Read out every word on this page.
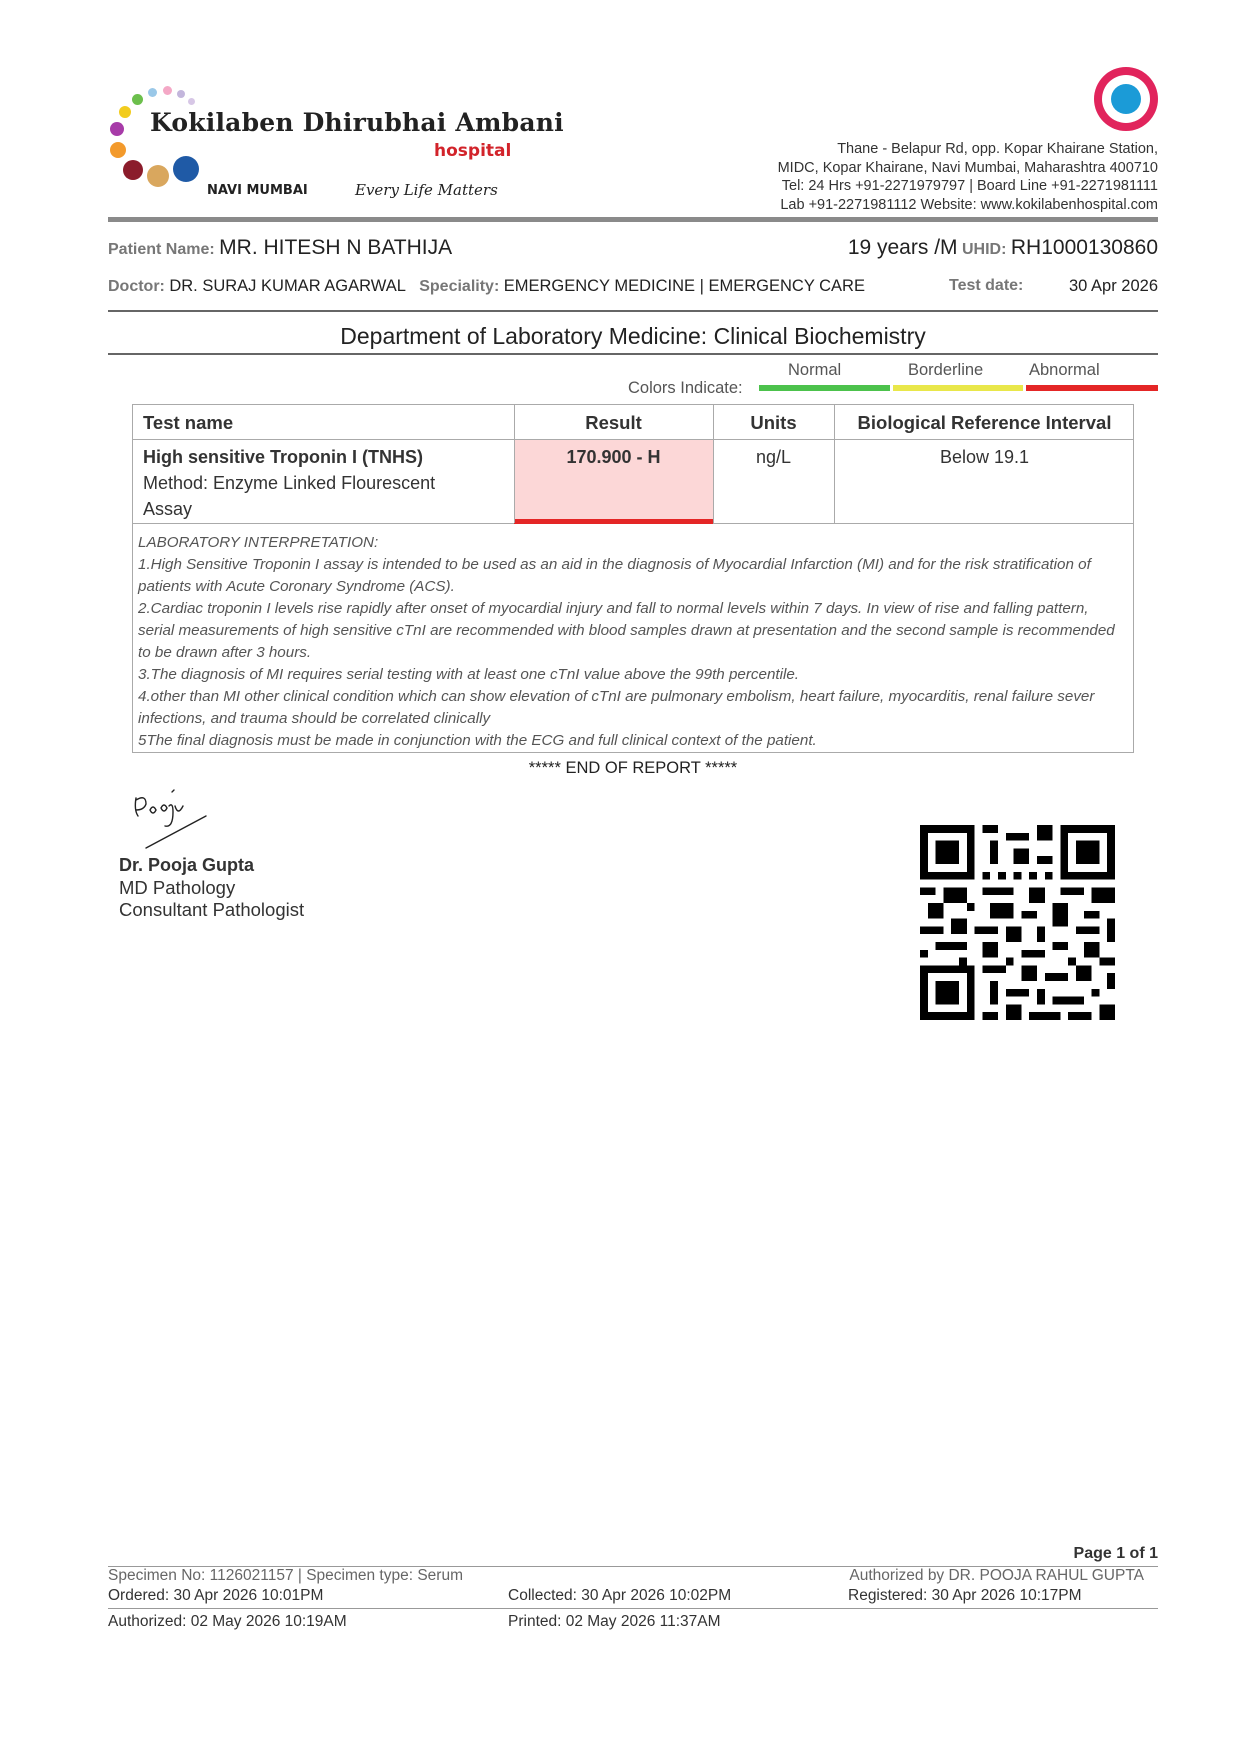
Kokilaben Dhirubhai Ambani
hospital
NAVI MUMBAI	Every Life Matters
Thane - Belapur Rd, opp. Kopar Khairane Station,
MIDC, Kopar Khairane, Navi Mumbai, Maharashtra 400710
Tel: 24 Hrs +91-2271979797 | Board Line +91-2271981111
Lab +91-2271981112 Website: www.kokilabenhospital.com
Patient Name: MR. HITESH N BATHIJA	19 years /M UHID: RH1000130860
Doctor: DR. SURAJ KUMAR AGARWAL Speciality: EMERGENCY MEDICINE | EMERGENCY CARE	Test date:	30 Apr 2026
Department of Laboratory Medicine: Clinical Biochemistry
Normal	Borderline	Abnormal
Colors Indicate:
Test name	Result	Units	Biological Reference Interval
High sensitive Troponin I (TNHS)
Method: Enzyme Linked Flourescent
Assay
170.900 - H	ng/L	Below 19.1

LABORATORY INTERPRETATION:

1.High Sensitive Troponin I assay is intended to be used as an aid in the diagnosis of Myocardial Infarction (MI) and for the risk stratification of patients with Acute Coronary Syndrome (ACS).

2.Cardiac troponin I levels rise rapidly after onset of myocardial injury and fall to normal levels within 7 days. In view of rise and falling pattern, serial measurements of high sensitive cTnI are recommended with blood samples drawn at presentation and the second sample is recommended to be drawn after 3 hours.

3.The diagnosis of MI requires serial testing with at least one cTnI value above the 99th percentile.

4.other than MI other clinical condition which can show elevation of cTnI are pulmonary embolism, heart failure, myocarditis, renal failure sever infections, and trauma should be correlated clinically

5The final diagnosis must be made in conjunction with the ECG and full clinical context of the patient.

***** END OF REPORT *****
Dr. Pooja Gupta
MD Pathology
Consultant Pathologist
Page 1 of 1
Specimen No: 1126021157 | Specimen type: Serum	Authorized by DR. POOJA RAHUL GUPTA
Ordered: 30 Apr 2026 10:01PM	Collected: 30 Apr 2026 10:02PM	Registered: 30 Apr 2026 10:17PM
Authorized: 02 May 2026 10:19AM	Printed: 02 May 2026 11:37AM
